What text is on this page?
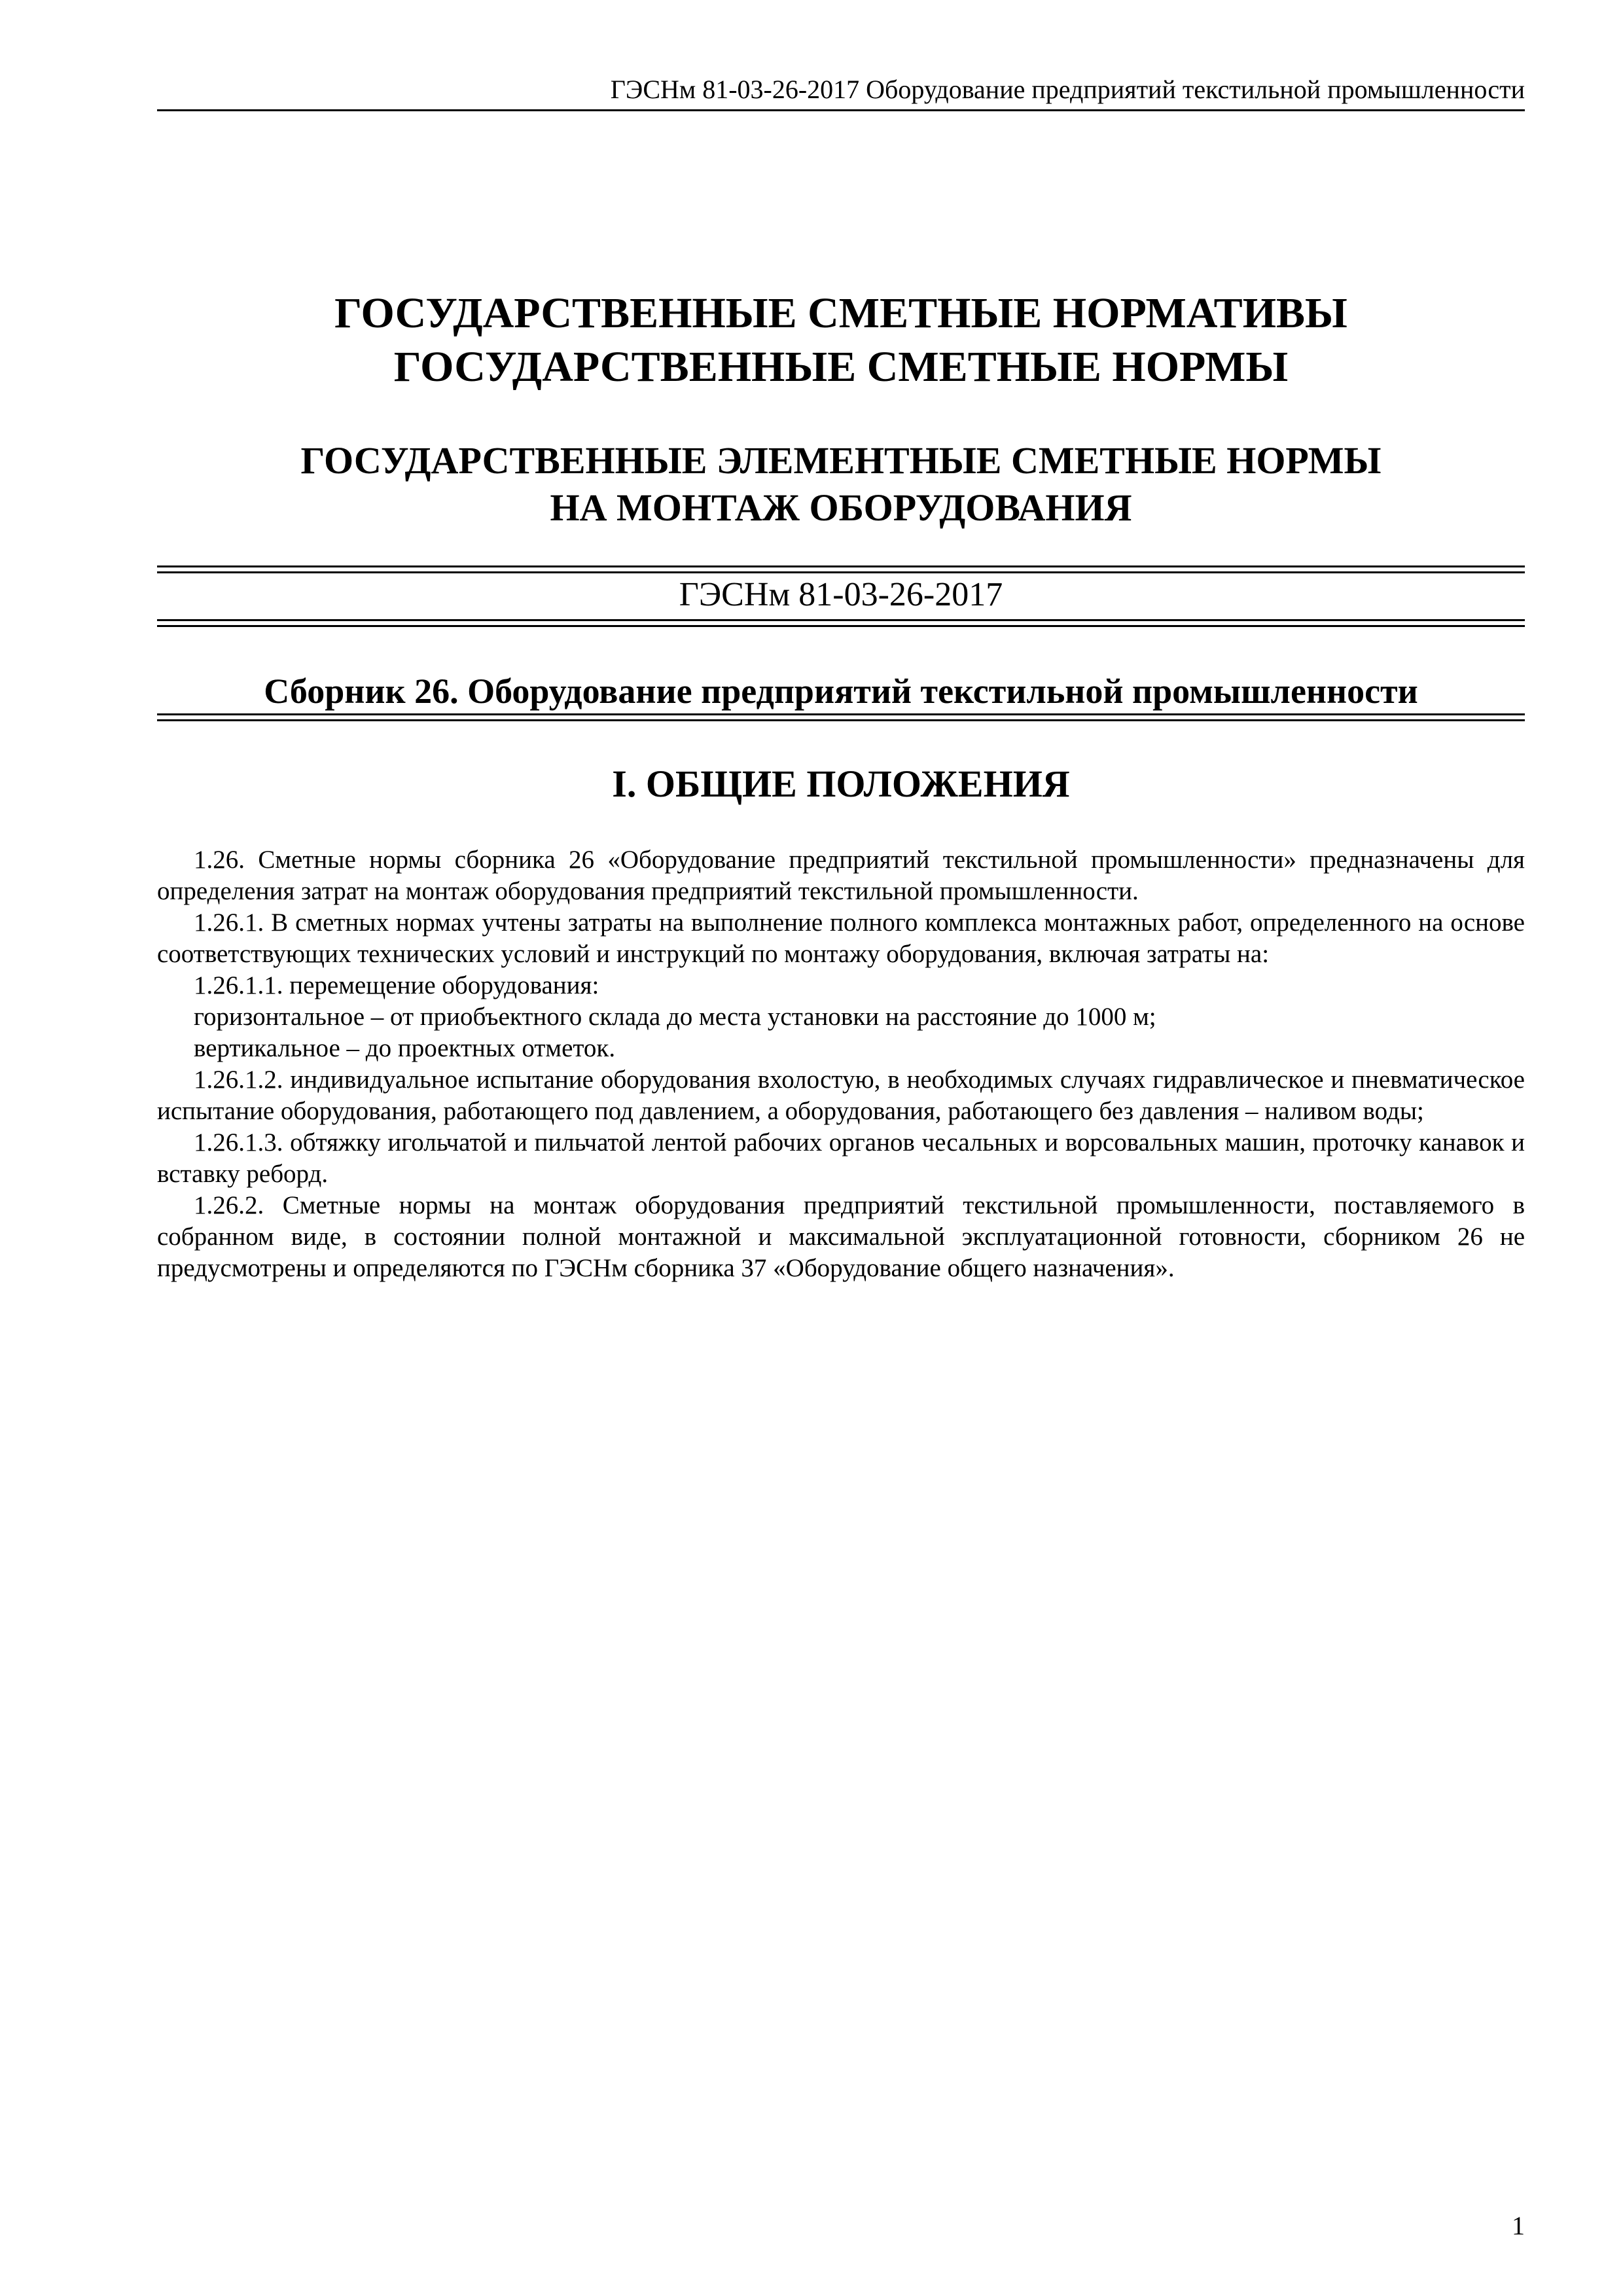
ГЭСНм 81-03-26-2017 Оборудование предприятий текстильной промышленности
ГОСУДАРСТВЕННЫЕ СМЕТНЫЕ НОРМАТИВЫ
ГОСУДАРСТВЕННЫЕ СМЕТНЫЕ НОРМЫ
ГОСУДАРСТВЕННЫЕ ЭЛЕМЕНТНЫЕ СМЕТНЫЕ НОРМЫ
НА МОНТАЖ ОБОРУДОВАНИЯ
ГЭСНм 81-03-26-2017
Сборник 26. Оборудование предприятий текстильной промышленности
I. ОБЩИЕ ПОЛОЖЕНИЯ

1.26. Сметные нормы сборника 26 «Оборудование предприятий текстильной промышленности» предназначены для определения затрат на монтаж оборудования предприятий текстильной промышленности.

1.26.1. В сметных нормах учтены затраты на выполнение полного комплекса монтажных работ, определенного на основе соответствующих технических условий и инструкций по монтажу оборудования, включая затраты на:

1.26.1.1. перемещение оборудования:

горизонтальное – от приобъектного склада до места установки на расстояние до 1000 м;

вертикальное – до проектных отметок.

1.26.1.2. индивидуальное испытание оборудования вхолостую, в необходимых случаях гидравлическое и пневматическое испытание оборудования, работающего под давлением, а оборудования, работающего без давления – наливом воды;

1.26.1.3. обтяжку игольчатой и пильчатой лентой рабочих органов чесальных и ворсовальных машин, проточку канавок и вставку реборд.

1.26.2. Сметные нормы на монтаж оборудования предприятий текстильной промышленности, поставляемого в собранном виде, в состоянии полной монтажной и максимальной эксплуатационной готовности, сборником 26 не предусмотрены и определяются по ГЭСНм сборника 37 «Оборудование общего назначения».

1
